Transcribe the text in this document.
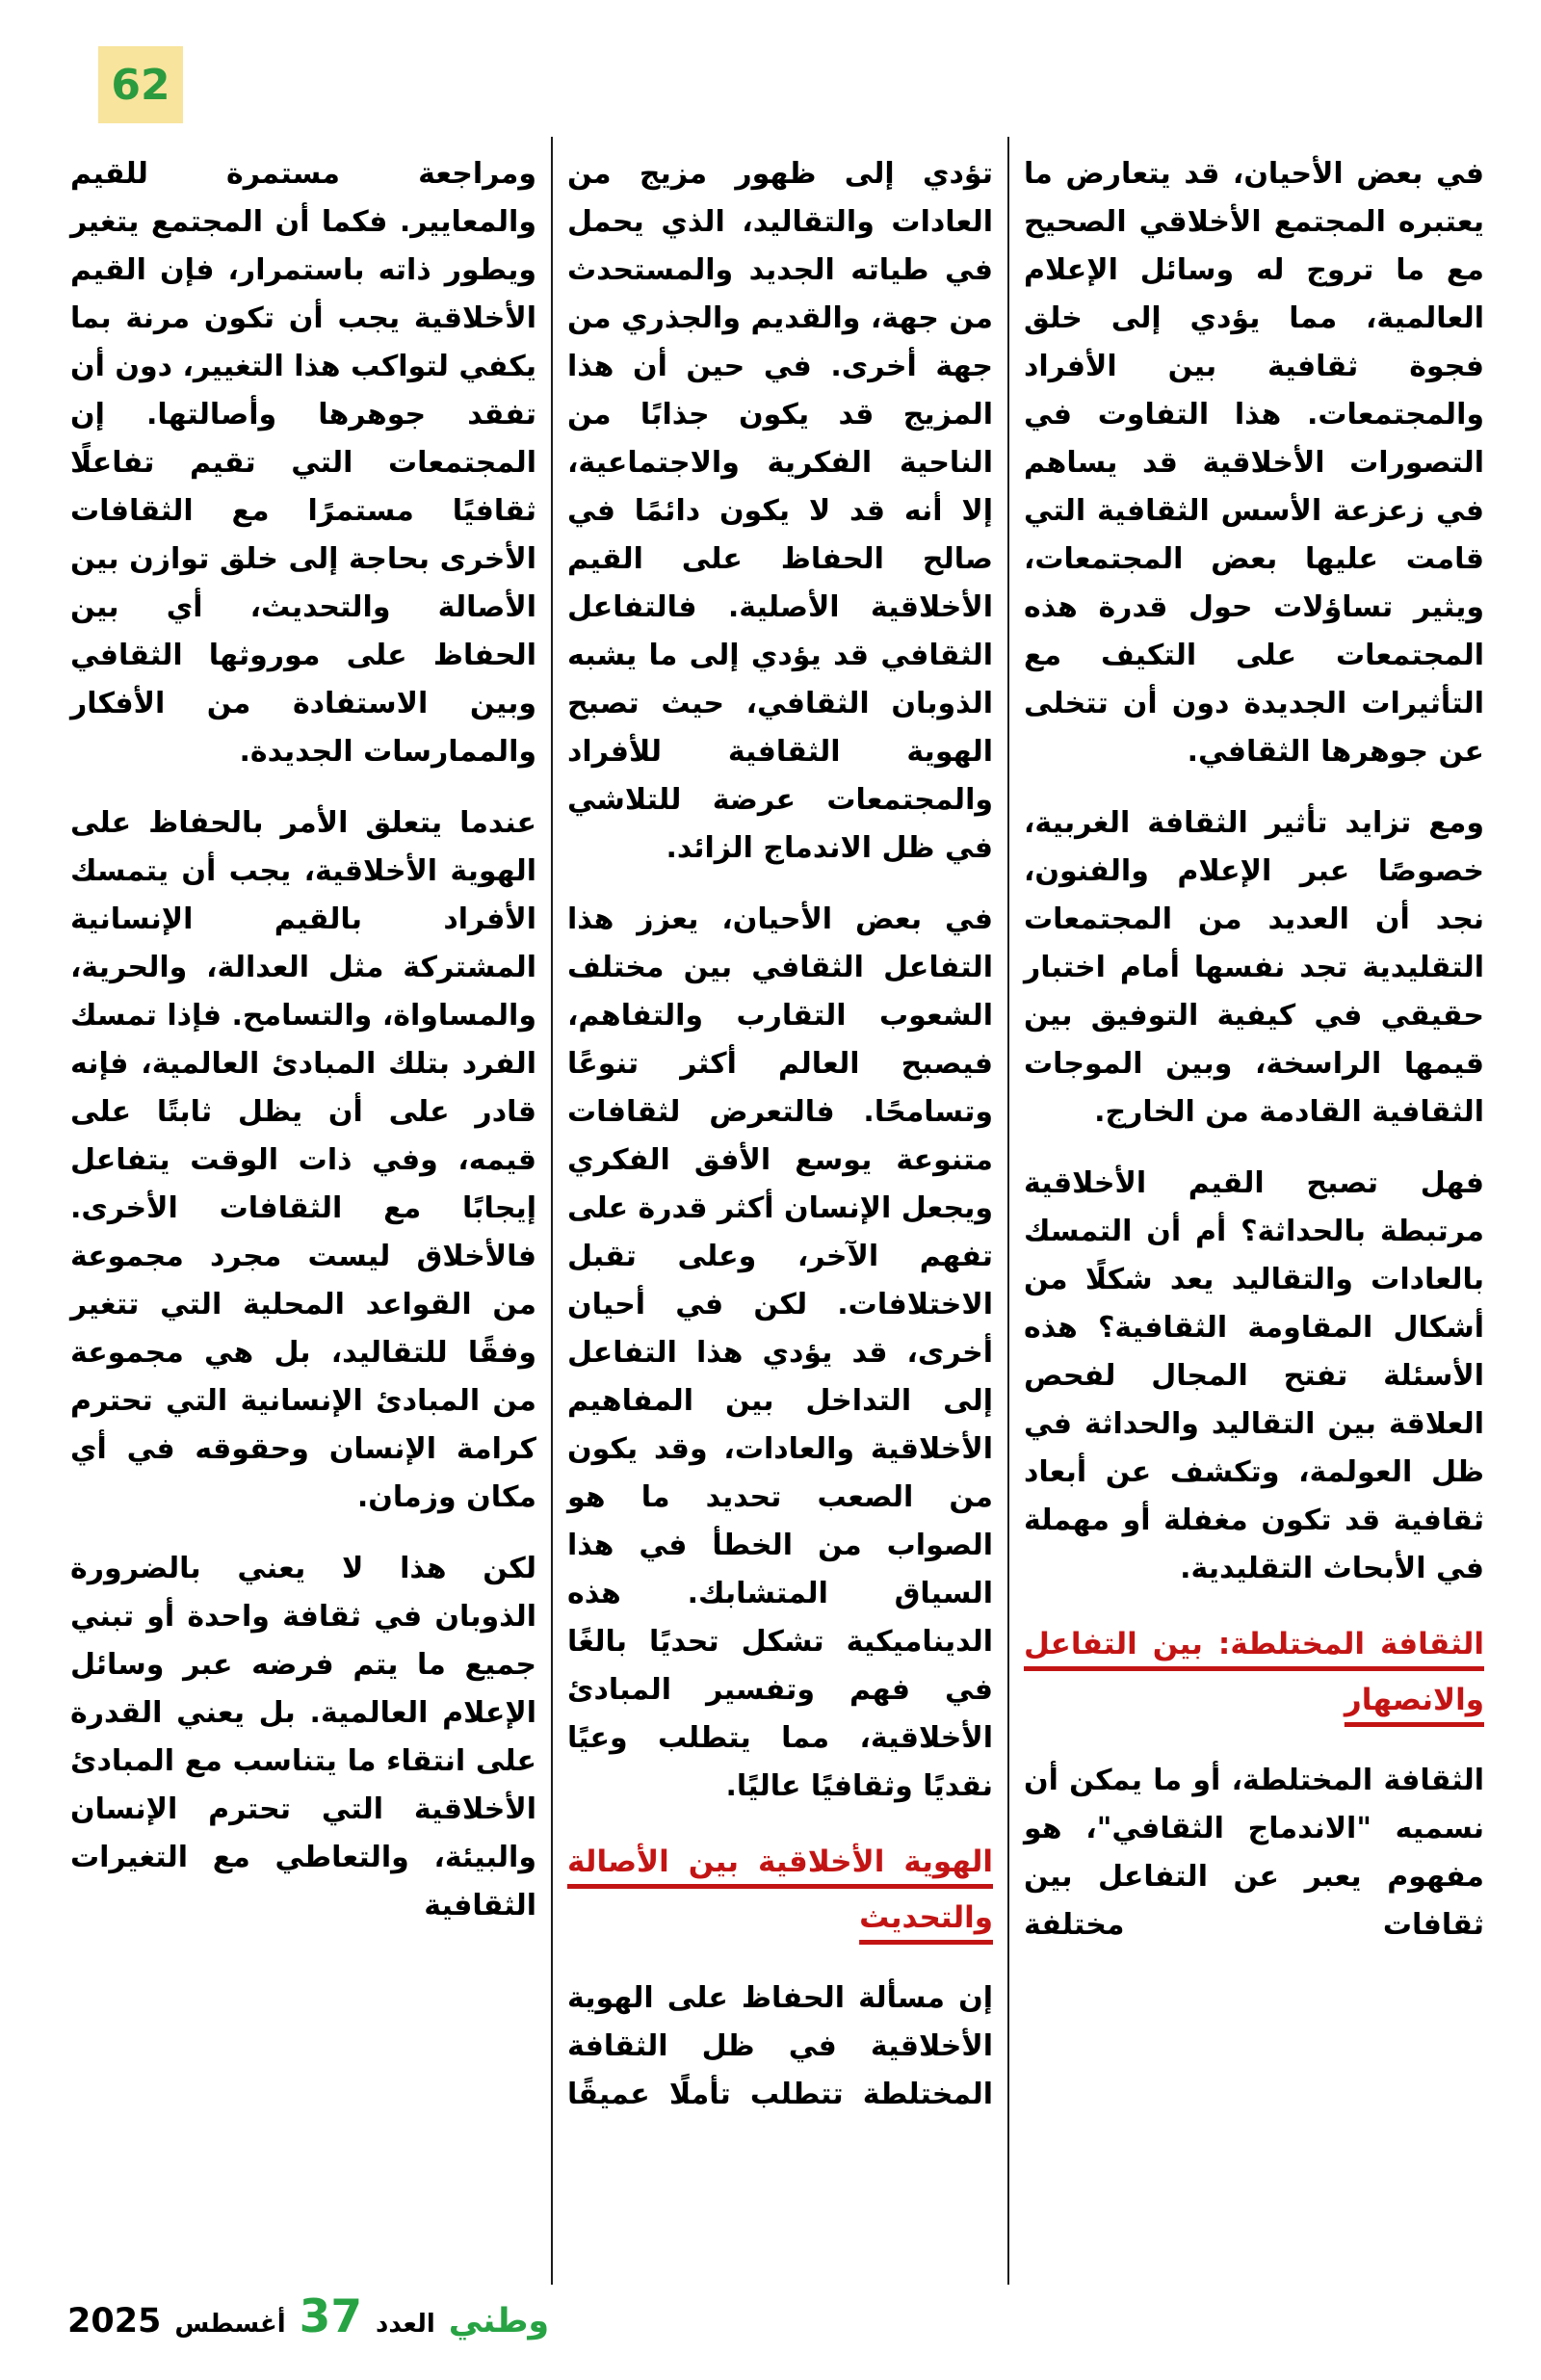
62

في بعض الأحيان، قد يتعارض ما يعتبره المجتمع الأخلاقي الصحيح مع ما تروج له وسائل الإعلام العالمية، مما يؤدي إلى خلق فجوة ثقافية بين الأفراد والمجتمعات. هذا التفاوت في التصورات الأخلاقية قد يساهم في زعزعة الأسس الثقافية التي قامت عليها بعض المجتمعات، ويثير تساؤلات حول قدرة هذه المجتمعات على التكيف مع التأثيرات الجديدة دون أن تتخلى عن جوهرها الثقافي.

ومع تزايد تأثير الثقافة الغربية، خصوصًا عبر الإعلام والفنون، نجد أن العديد من المجتمعات التقليدية تجد نفسها أمام اختبار حقيقي في كيفية التوفيق بين قيمها الراسخة، وبين الموجات الثقافية القادمة من الخارج.

فهل تصبح القيم الأخلاقية مرتبطة بالحداثة؟ أم أن التمسك بالعادات والتقاليد يعد شكلًا من أشكال المقاومة الثقافية؟ هذه الأسئلة تفتح المجال لفحص العلاقة بين التقاليد والحداثة في ظل العولمة، وتكشف عن أبعاد ثقافية قد تكون مغفلة أو مهملة في الأبحاث التقليدية.

الثقافة المختلطة: بين التفاعل والانصهار

الثقافة المختلطة، أو ما يمكن أن نسميه "الاندماج الثقافي"، هو مفهوم يعبر عن التفاعل بين ثقافات مختلفة

تؤدي إلى ظهور مزيج من العادات والتقاليد، الذي يحمل في طياته الجديد والمستحدث من جهة، والقديم والجذري من جهة أخرى. في حين أن هذا المزيج قد يكون جذابًا من الناحية الفكرية والاجتماعية، إلا أنه قد لا يكون دائمًا في صالح الحفاظ على القيم الأخلاقية الأصلية. فالتفاعل الثقافي قد يؤدي إلى ما يشبه الذوبان الثقافي، حيث تصبح الهوية الثقافية للأفراد والمجتمعات عرضة للتلاشي في ظل الاندماج الزائد.

في بعض الأحيان، يعزز هذا التفاعل الثقافي بين مختلف الشعوب التقارب والتفاهم، فيصبح العالم أكثر تنوعًا وتسامحًا. فالتعرض لثقافات متنوعة يوسع الأفق الفكري ويجعل الإنسان أكثر قدرة على تفهم الآخر، وعلى تقبل الاختلافات. لكن في أحيان أخرى، قد يؤدي هذا التفاعل إلى التداخل بين المفاهيم الأخلاقية والعادات، وقد يكون من الصعب تحديد ما هو الصواب من الخطأ في هذا السياق المتشابك. هذه الديناميكية تشكل تحديًا بالغًا في فهم وتفسير المبادئ الأخلاقية، مما يتطلب وعيًا نقديًا وثقافيًا عاليًا.

الهوية الأخلاقية بين الأصالة والتحديث

إن مسألة الحفاظ على الهوية الأخلاقية في ظل الثقافة المختلطة تتطلب تأملًا عميقًا

ومراجعة مستمرة للقيم والمعايير. فكما أن المجتمع يتغير ويطور ذاته باستمرار، فإن القيم الأخلاقية يجب أن تكون مرنة بما يكفي لتواكب هذا التغيير، دون أن تفقد جوهرها وأصالتها. إن المجتمعات التي تقيم تفاعلًا ثقافيًا مستمرًا مع الثقافات الأخرى بحاجة إلى خلق توازن بين الأصالة والتحديث، أي بين الحفاظ على موروثها الثقافي وبين الاستفادة من الأفكار والممارسات الجديدة.

عندما يتعلق الأمر بالحفاظ على الهوية الأخلاقية، يجب أن يتمسك الأفراد بالقيم الإنسانية المشتركة مثل العدالة، والحرية، والمساواة، والتسامح. فإذا تمسك الفرد بتلك المبادئ العالمية، فإنه قادر على أن يظل ثابتًا على قيمه، وفي ذات الوقت يتفاعل إيجابًا مع الثقافات الأخرى. فالأخلاق ليست مجرد مجموعة من القواعد المحلية التي تتغير وفقًا للتقاليد، بل هي مجموعة من المبادئ الإنسانية التي تحترم كرامة الإنسان وحقوقه في أي مكان وزمان.

لكن هذا لا يعني بالضرورة الذوبان في ثقافة واحدة أو تبني جميع ما يتم فرضه عبر وسائل الإعلام العالمية. بل يعني القدرة على انتقاء ما يتناسب مع المبادئ الأخلاقية التي تحترم الإنسان والبيئة، والتعاطي مع التغيرات الثقافية

وطني
العدد
37
أغسطس
2025
